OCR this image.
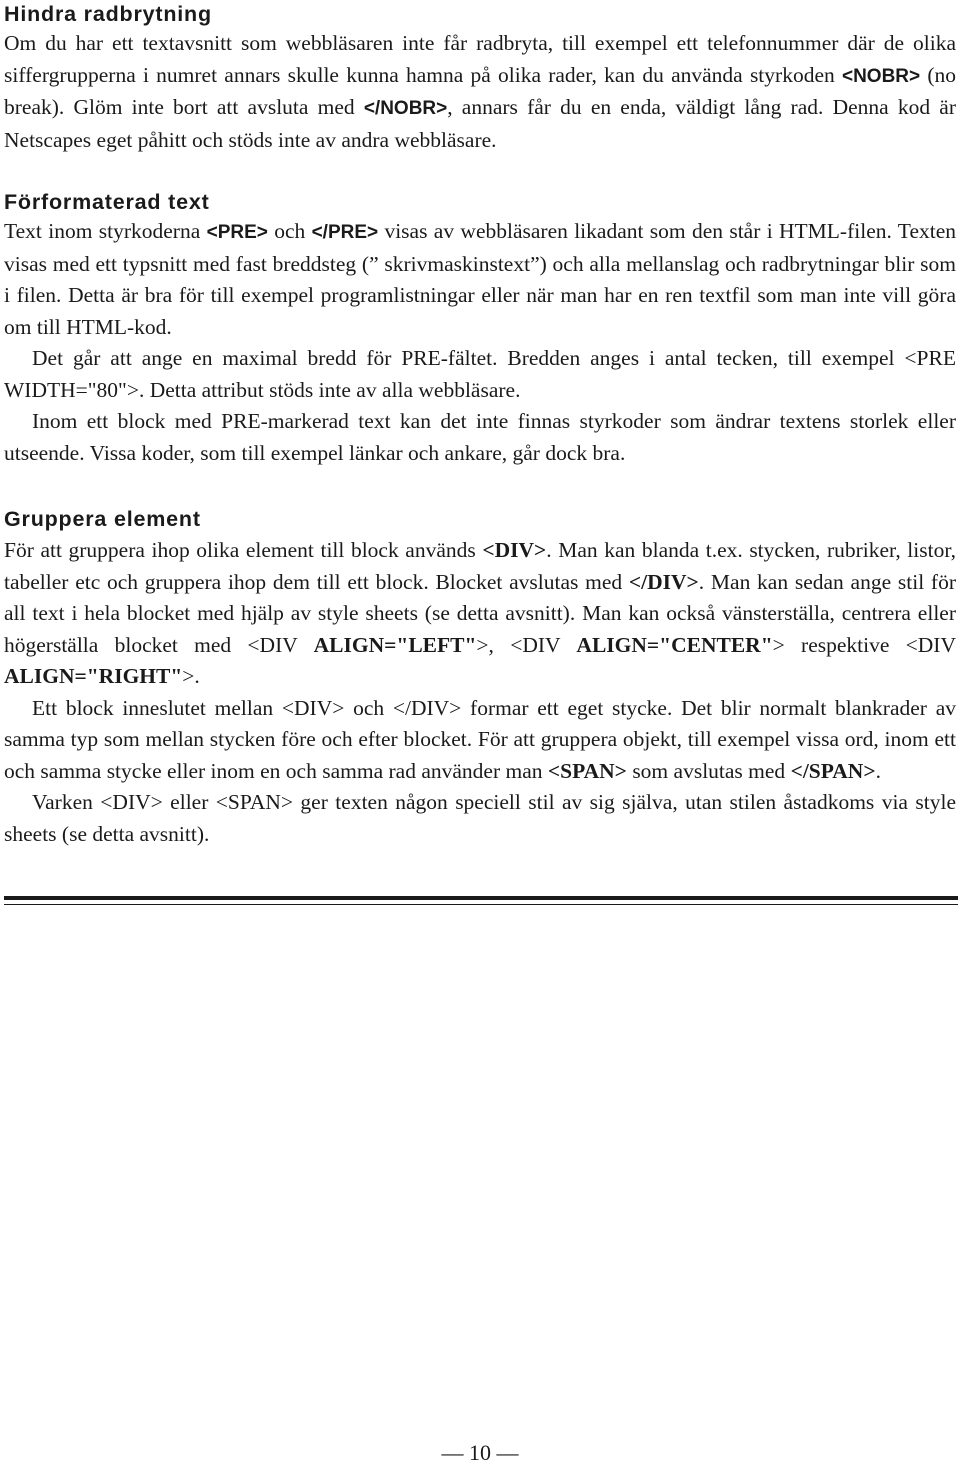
Hindra radbrytning

Om du har ett textavsnitt som webbläsaren inte får radbryta, till exempel ett telefonnummer där de olika siffergrupperna i numret annars skulle kunna hamna på olika rader, kan du använda styrkoden <NOBR> (no break). Glöm inte bort att avsluta med </NOBR>, annars får du en enda, väldigt lång rad. Denna kod är Netscapes eget påhitt och stöds inte av andra webbläsare.

Förformaterad text

Text inom styrkoderna <PRE> och </PRE> visas av webbläsaren likadant som den står i HTML-filen. Texten visas med ett typsnitt med fast breddsteg (” skrivmaskinstext”) och alla mellanslag och radbrytningar blir som i filen. Detta är bra för till exempel programlistningar eller när man har en ren textfil som man inte vill göra om till HTML-kod.

Det går att ange en maximal bredd för PRE-fältet. Bredden anges i antal tecken, till exempel <PRE WIDTH="80">. Detta attribut stöds inte av alla webbläsare.

Inom ett block med PRE-markerad text kan det inte finnas styrkoder som ändrar textens storlek eller utseende. Vissa koder, som till exempel länkar och ankare, går dock bra.

Gruppera element

För att gruppera ihop olika element till block används <DIV>. Man kan blanda t.ex. stycken, rubriker, listor, tabeller etc och gruppera ihop dem till ett block. Blocket avslutas med </DIV>. Man kan sedan ange stil för all text i hela blocket med hjälp av style sheets (se detta avsnitt). Man kan också vänsterställa, centrera eller högerställa blocket med <DIV ALIGN="LEFT">, <DIV ALIGN="CENTER"> respektive <DIV ALIGN="RIGHT">.

Ett block inneslutet mellan <DIV> och </DIV> formar ett eget stycke. Det blir normalt blankrader av samma typ som mellan stycken före och efter blocket. För att gruppera objekt, till exempel vissa ord, inom ett och samma stycke eller inom en och samma rad använder man <SPAN> som avslutas med </SPAN>.

Varken <DIV> eller <SPAN> ger texten någon speciell stil av sig själva, utan stilen åstadkoms via style sheets (se detta avsnitt).

— 10 —
